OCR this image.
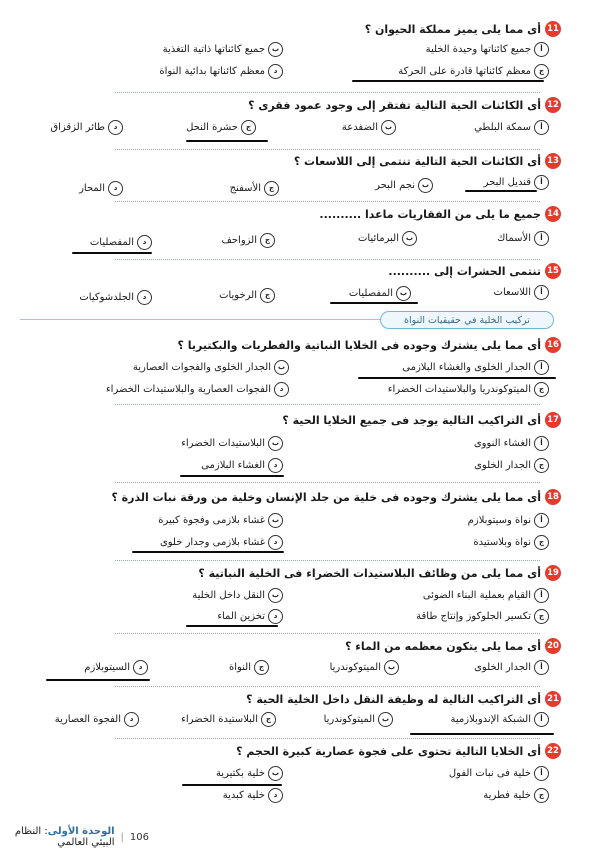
11
أى مما يلى يميز مملكة الحيوان ؟
أ
جميع كائناتها وحيدة الخلية
ب
جميع كائناتها ذاتية التغذية
ج
معظم كائناتها قادرة على الحركة
د
معظم كائناتها بدائية النواة
12
أى الكائنات الحية التالية تفتقر إلى وجود عمود فقرى ؟
أ
سمكة البلطي
ب
الضفدعة
ج
حشرة النحل
د
طائر الزقزاق
13
أى الكائنات الحية التالية تنتمى إلى اللاسعات ؟
أ
قنديل البحر
ب
نجم البحر
ج
الأسفنج
د
المحار
14
جميع ما يلى من الفقاريات ماعدا ..........
أ
الأسماك
ب
البرمائيات
ج
الزواحف
د
المفصليات
15
تنتمى الحشرات إلى ..........
أ
اللاسعات
ب
المفصليات
ج
الرخويات
د
الجلدشوكيات
تركيب الخلية في حقيقيات النواة
16
أى مما يلى يشترك وجوده فى الخلايا النباتية والفطريات والبكتيريا ؟
أ
الجدار الخلوى والغشاء البلازمى
ب
الجدار الخلوى والفجوات العصارية
ج
الميتوكوندريا والبلاستيدات الخضراء
د
الفجوات العصارية والبلاستيدات الخضراء
17
أى التراكيب التالية يوجد فى جميع الخلايا الحية ؟
أ
الغشاء النووى
ب
البلاستيدات الخضراء
ج
الجدار الخلوى
د
الغشاء البلازمى
18
أى مما يلى يشترك وجوده فى خلية من جلد الإنسان وخلية من ورقة نبات الذرة ؟
أ
نواة وسيتوبلازم
ب
غشاء بلازمى وفجوة كبيرة
ج
نواة وبلاستيدة
د
غشاء بلازمى وجدار خلوى
19
أى مما يلى من وظائف البلاستيدات الخضراء فى الخلية النباتية ؟
أ
القيام بعملية البناء الضوئى
ب
النقل داخل الخلية
ج
تكسير الجلوكوز وإنتاج طاقة
د
تخزين الماء
20
أى مما يلى يتكون معظمه من الماء ؟
أ
الجدار الخلوى
ب
الميتوكوندريا
ج
النواة
د
السيتوبلازم
21
أى التراكيب التالية له وظيفة النقل داخل الخلية الحية ؟
أ
الشبكة الإندوبلازمية
ب
الميتوكوندريا
ج
البلاستيدة الخضراء
د
الفجوة العصارية
22
أى الخلايا التالية تحتوى على فجوة عصارية كبيرة الحجم ؟
أ
خلية فى نبات الفول
ب
خلية بكتيرية
ج
خلية فطرية
د
خلية كبدية
106
|
الوحدة الأولى: النظام البيئي العالمي
